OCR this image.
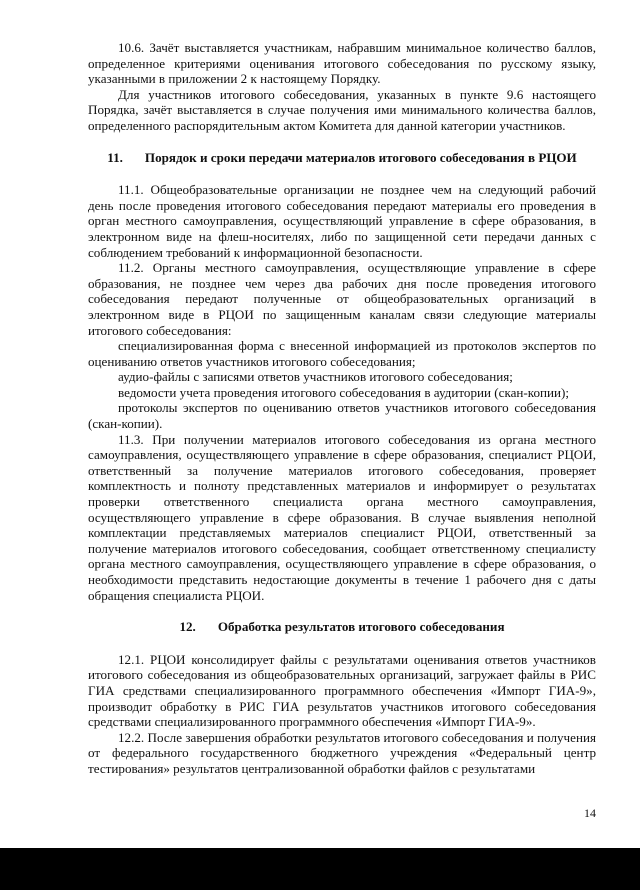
10.6. Зачёт выставляется участникам, набравшим минимальное количество баллов, определенное критериями оценивания итогового собеседования по русскому языку, указанными в приложении 2 к настоящему Порядку.

Для участников итогового собеседования, указанных в пункте 9.6 настоящего Порядка, зачёт выставляется в случае получения ими минимального количества баллов, определенного распорядительным актом Комитета для данной категории участников.

11. Порядок и сроки передачи материалов итогового собеседования в РЦОИ

11.1. Общеобразовательные организации не позднее чем на следующий рабочий день после проведения итогового собеседования передают материалы его проведения в орган местного самоуправления, осуществляющий управление в сфере образования, в электронном виде на флеш-носителях, либо по защищенной сети передачи данных с соблюдением требований к информационной безопасности.

11.2. Органы местного самоуправления, осуществляющие управление в сфере образования, не позднее чем через два рабочих дня после проведения итогового собеседования передают полученные от общеобразовательных организаций в электронном виде в РЦОИ по защищенным каналам связи следующие материалы итогового собеседования:

специализированная форма с внесенной информацией из протоколов экспертов по оцениванию ответов участников итогового собеседования;

аудио-файлы с записями ответов участников итогового собеседования;

ведомости учета проведения итогового собеседования в аудитории (скан-копии);

протоколы экспертов по оцениванию ответов участников итогового собеседования (скан-копии).

11.3. При получении материалов итогового собеседования из органа местного самоуправления, осуществляющего управление в сфере образования, специалист РЦОИ, ответственный за получение материалов итогового собеседования, проверяет комплектность и полноту представленных материалов и информирует о результатах проверки ответственного специалиста органа местного самоуправления, осуществляющего управление в сфере образования. В случае выявления неполной комплектации представляемых материалов специалист РЦОИ, ответственный за получение материалов итогового собеседования, сообщает ответственному специалисту органа местного самоуправления, осуществляющего управление в сфере образования, о необходимости представить недостающие документы в течение 1 рабочего дня с даты обращения специалиста РЦОИ.

12. Обработка результатов итогового собеседования

12.1. РЦОИ консолидирует файлы с результатами оценивания ответов участников итогового собеседования из общеобразовательных организаций, загружает файлы в РИС ГИА средствами специализированного программного обеспечения «Импорт ГИА-9», производит обработку в РИС ГИА результатов участников итогового собеседования средствами специализированного программного обеспечения «Импорт ГИА-9».

12.2. После завершения обработки результатов итогового собеседования и получения от федерального государственного бюджетного учреждения «Федеральный центр тестирования» результатов централизованной обработки файлов с результатами

14
